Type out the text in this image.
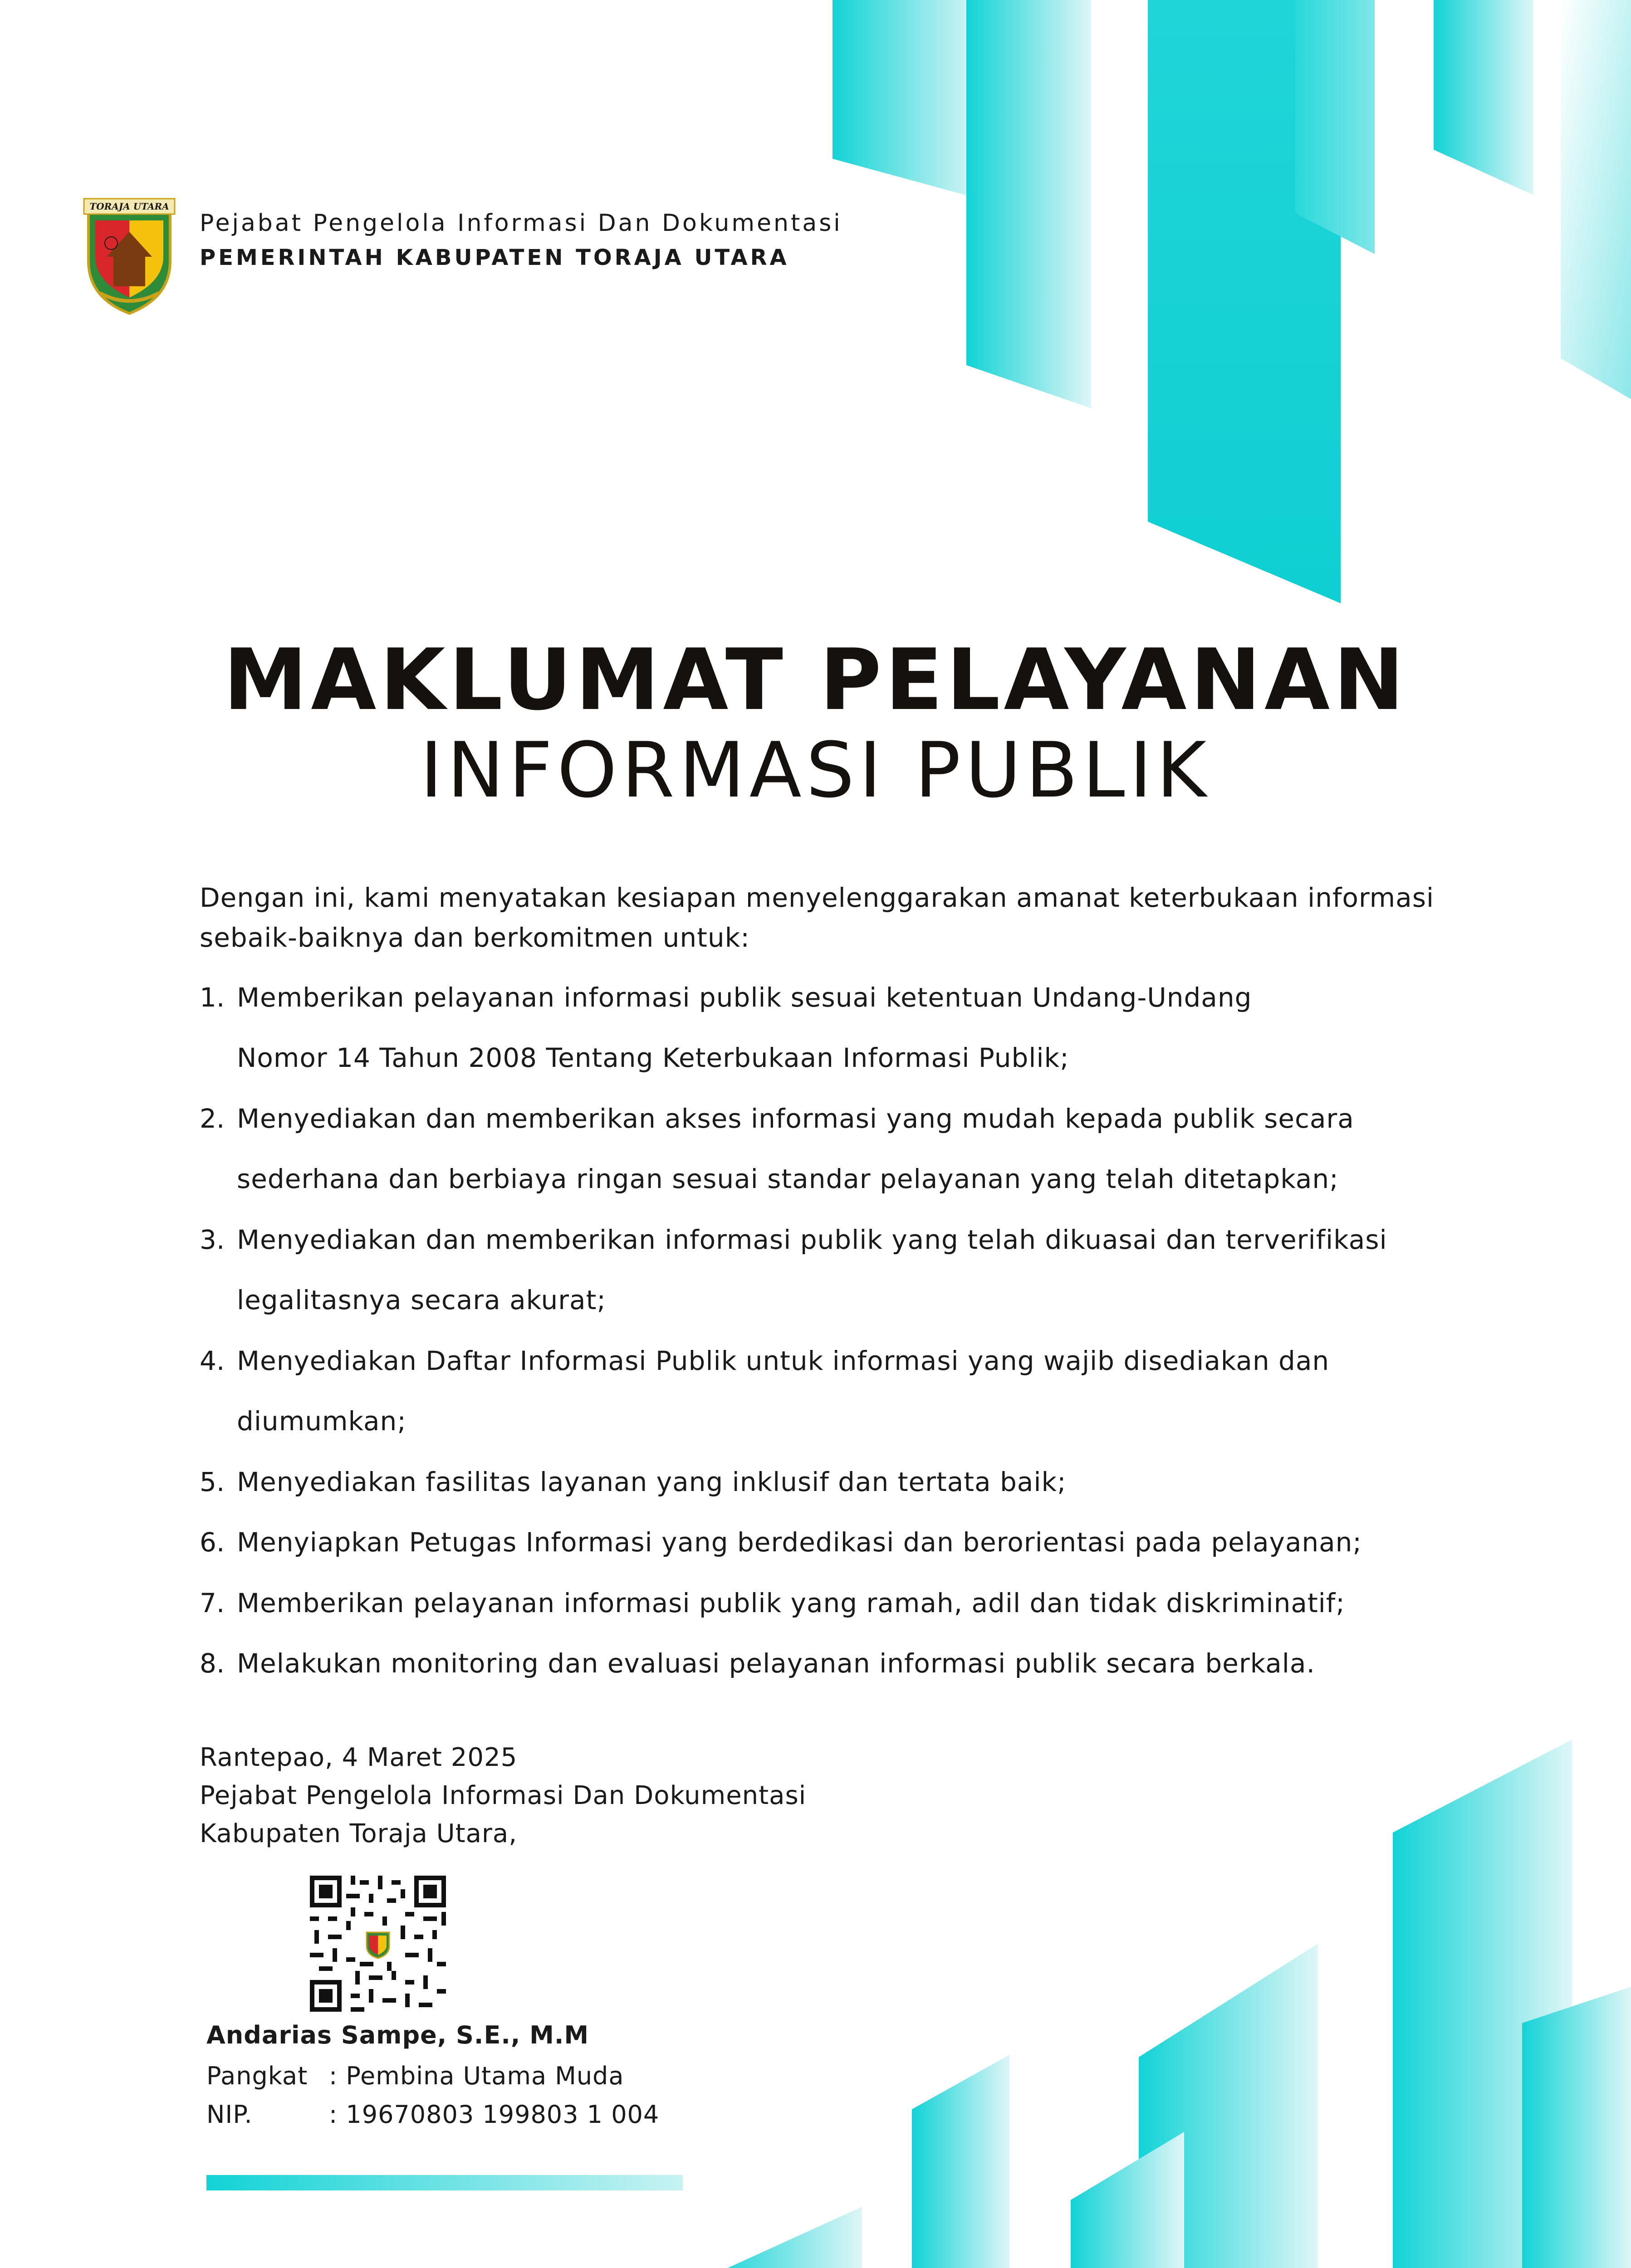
TORAJA UTARA
Pejabat Pengelola Informasi Dan Dokumentasi
PEMERINTAH KABUPATEN TORAJA UTARA
MAKLUMAT PELAYANAN
INFORMASI PUBLIK
Dengan ini, kami menyatakan kesiapan menyelenggarakan amanat keterbukaan informasi
sebaik-baiknya dan berkomitmen untuk:
1. Memberikan pelayanan informasi publik sesuai ketentuan Undang-Undang
Nomor 14 Tahun 2008 Tentang Keterbukaan Informasi Publik;
2. Menyediakan dan memberikan akses informasi yang mudah kepada publik secara
sederhana dan berbiaya ringan sesuai standar pelayanan yang telah ditetapkan;
3. Menyediakan dan memberikan informasi publik yang telah dikuasai dan terverifikasi
legalitasnya secara akurat;
4. Menyediakan Daftar Informasi Publik untuk informasi yang wajib disediakan dan
diumumkan;
5. Menyediakan fasilitas layanan yang inklusif dan tertata baik;
6. Menyiapkan Petugas Informasi yang berdedikasi dan berorientasi pada pelayanan;
7. Memberikan pelayanan informasi publik yang ramah, adil dan tidak diskriminatif;
8. Melakukan monitoring dan evaluasi pelayanan informasi publik secara berkala.
Rantepao, 4 Maret 2025
Pejabat Pengelola Informasi Dan Dokumentasi
Kabupaten Toraja Utara,
Andarias Sampe, S.E., M.M
Pangkat : Pembina Utama Muda
NIP.	: 19670803 199803 1 004
